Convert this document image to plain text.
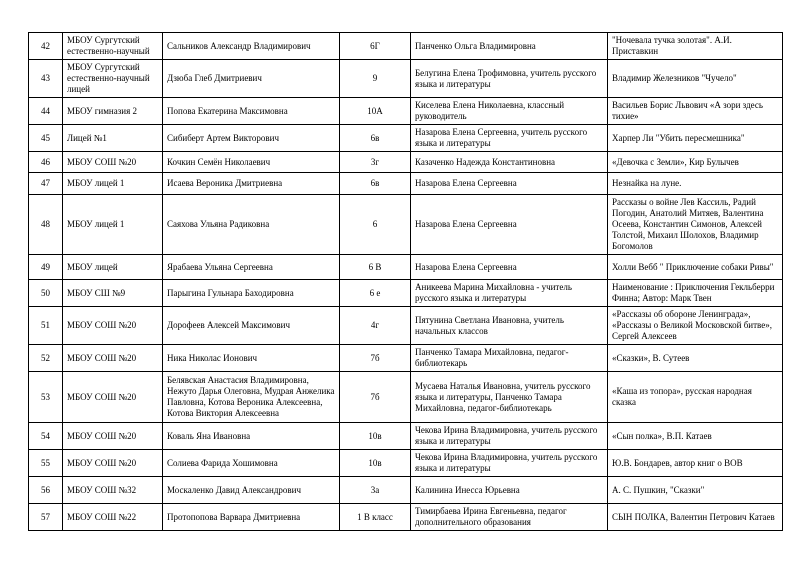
42	МБОУ Сургутский естественно-научный	Сальников Александр Владимирович	6Г	Панченко Ольга Владимировна	"Ночевала тучка золотая". А.И. Приставкин
43	МБОУ Сургутский естественно-научный лицей	Дзюба Глеб Дмитриевич	9	Белугина Елена Трофимовна, учитель русского языка и литературы	Владимир Железников "Чучело"
44	МБОУ гимназия 2	Попова Екатерина Максимовна	10А	Киселева Елена Николаевна, классный руководитель	Васильев Борис Львович «А зори здесь тихие»
45	Лицей №1	Сибиберт Артем Викторович	6в	Назарова Елена Сергеевна, учитель русского языка и литературы	Харпер Ли "Убить пересмешника"
46	МБОУ СОШ №20	Кочкин Семён Николаевич	3г	Казаченко Надежда Константиновна	«Девочка с Земли», Кир Булычев
47	МБОУ лицей 1	Исаева Вероника Дмитриевна	6в	Назарова Елена Сергеевна	Незнайка на луне.
48	МБОУ лицей 1	Саяхова Ульяна Радиковна	6	Назарова Елена Сергеевна	Рассказы о войне Лев Кассиль, Радий Погодин, Анатолий Митяев, Валентина Осеева, Константин Симонов, Алексей Толстой, Михаил Шолохов, Владимир Богомолов
49	МБОУ лицей	Ярабаева Ульяна Сергеевна	6 В	Назарова Елена Сергеевна	Холли Вебб " Приключение собаки Ривы"
50	МБОУ СШ №9	Парыгина Гульнара Баходировна	6 е	Аникеева Марина Михайловна - учитель русского языка и литературы	Наименование : Приключения Гекльберри Финна; Автор: Марк Твен
51	МБОУ СОШ №20	Дорофеев Алексей Максимович	4г	Пятунина Светлана Ивановна, учитель начальных классов	«Рассказы об обороне Ленинграда», «Рассказы о Великой Московской битве», Сергей Алексеев
52	МБОУ СОШ №20	Ника Николас Ионович	7б	Панченко Тамара Михайловна, педагог-библиотекарь	«Сказки», В. Сутеев
53	МБОУ СОШ №20	Белявская Анастасия Владимировна, Нежуто Дарья Олеговна, Мудрая Анжелика Павловна, Котова Вероника Алексеевна, Котова Виктория Алексеевна	7б	Мусаева Наталья Ивановна, учитель русского языка и литературы, Панченко Тамара Михайловна, педагог-библиотекарь	«Каша из топора», русская народная сказка
54	МБОУ СОШ №20	Коваль Яна Ивановна	10в	Чекова Ирина Владимировна, учитель русского языка и литературы	«Сын полка», В.П. Катаев
55	МБОУ СОШ №20	Солиева Фарида Хошимовна	10в	Чекова Ирина Владимировна, учитель русского языка и литературы	Ю.В. Бондарев, автор книг о ВОВ
56	МБОУ СОШ №32	Москаленко Давид Александрович	3а	Калинина Инесса Юрьевна	А. С. Пушкин, "Сказки"
57	МБОУ СОШ №22	Протопопова Варвара Дмитриевна	1 В класс	Тимирбаева Ирина Евгеньевна, педагог дополнительного образования	СЫН ПОЛКА, Валентин Петрович Катаев
